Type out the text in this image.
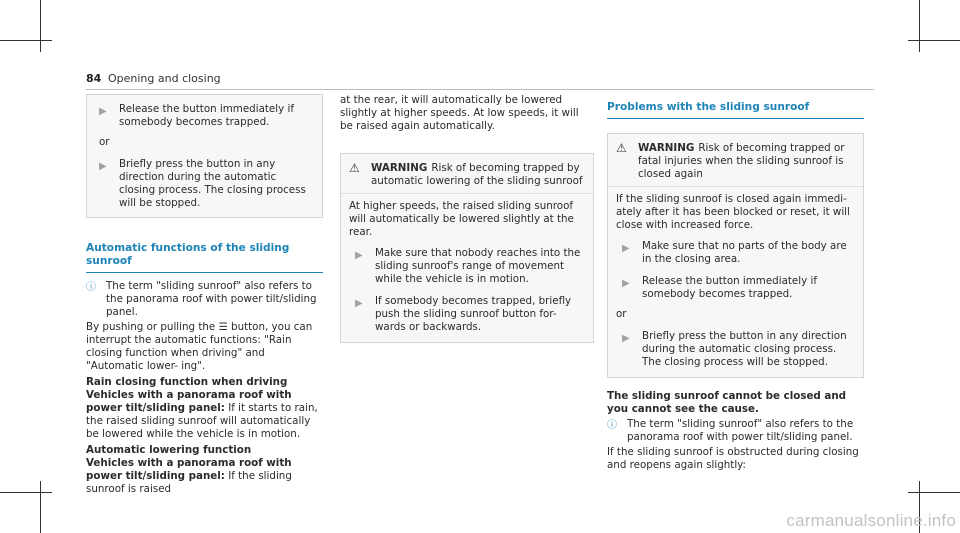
84 Opening and closing
▶	Release the button immediately if somebody becomes trapped.
or
▶	Briefly press the button in any direction during the automatic closing process. The closing process will be stopped.
Automatic functions of the sliding sunroof
ⓘ The term "sliding sunroof" also refers to the panorama roof with power tilt/sliding panel.

By pushing or pulling the ☰ button, you can interrupt the automatic functions: "Rain closing function when driving" and "Automatic lower- ing".

Rain closing function when driving

Vehicles with a panorama roof with power tilt/sliding panel: If it starts to rain, the raised sliding sunroof will automatically be lowered while the vehicle is in motion.

Automatic lowering function

Vehicles with a panorama roof with power tilt/sliding panel: If the sliding sunroof is raised

at the rear, it will automatically be lowered slightly at higher speeds. At low speeds, it will be raised again automatically.

⚠	WARNING Risk of becoming trapped by automatic lowering of the sliding sunroof

At higher speeds, the raised sliding sunroof will automatically be lowered slightly at the rear.

▶	Make sure that nobody reaches into the sliding sunroof's range of movement while the vehicle is in motion.
▶	If somebody becomes trapped, briefly push the sliding sunroof button for- wards or backwards.
Problems with the sliding sunroof
⚠	WARNING Risk of becoming trapped or fatal injuries when the sliding sunroof is closed again

If the sliding sunroof is closed again immedi- ately after it has been blocked or reset, it will close with increased force.

▶	Make sure that no parts of the body are in the closing area.
▶	Release the button immediately if somebody becomes trapped.
or
▶	Briefly press the button in any direction during the automatic closing process. The closing process will be stopped.

The sliding sunroof cannot be closed and you cannot see the cause.

ⓘ The term "sliding sunroof" also refers to the panorama roof with power tilt/sliding panel.

If the sliding sunroof is obstructed during closing and reopens again slightly:

carmanualsonline.info
